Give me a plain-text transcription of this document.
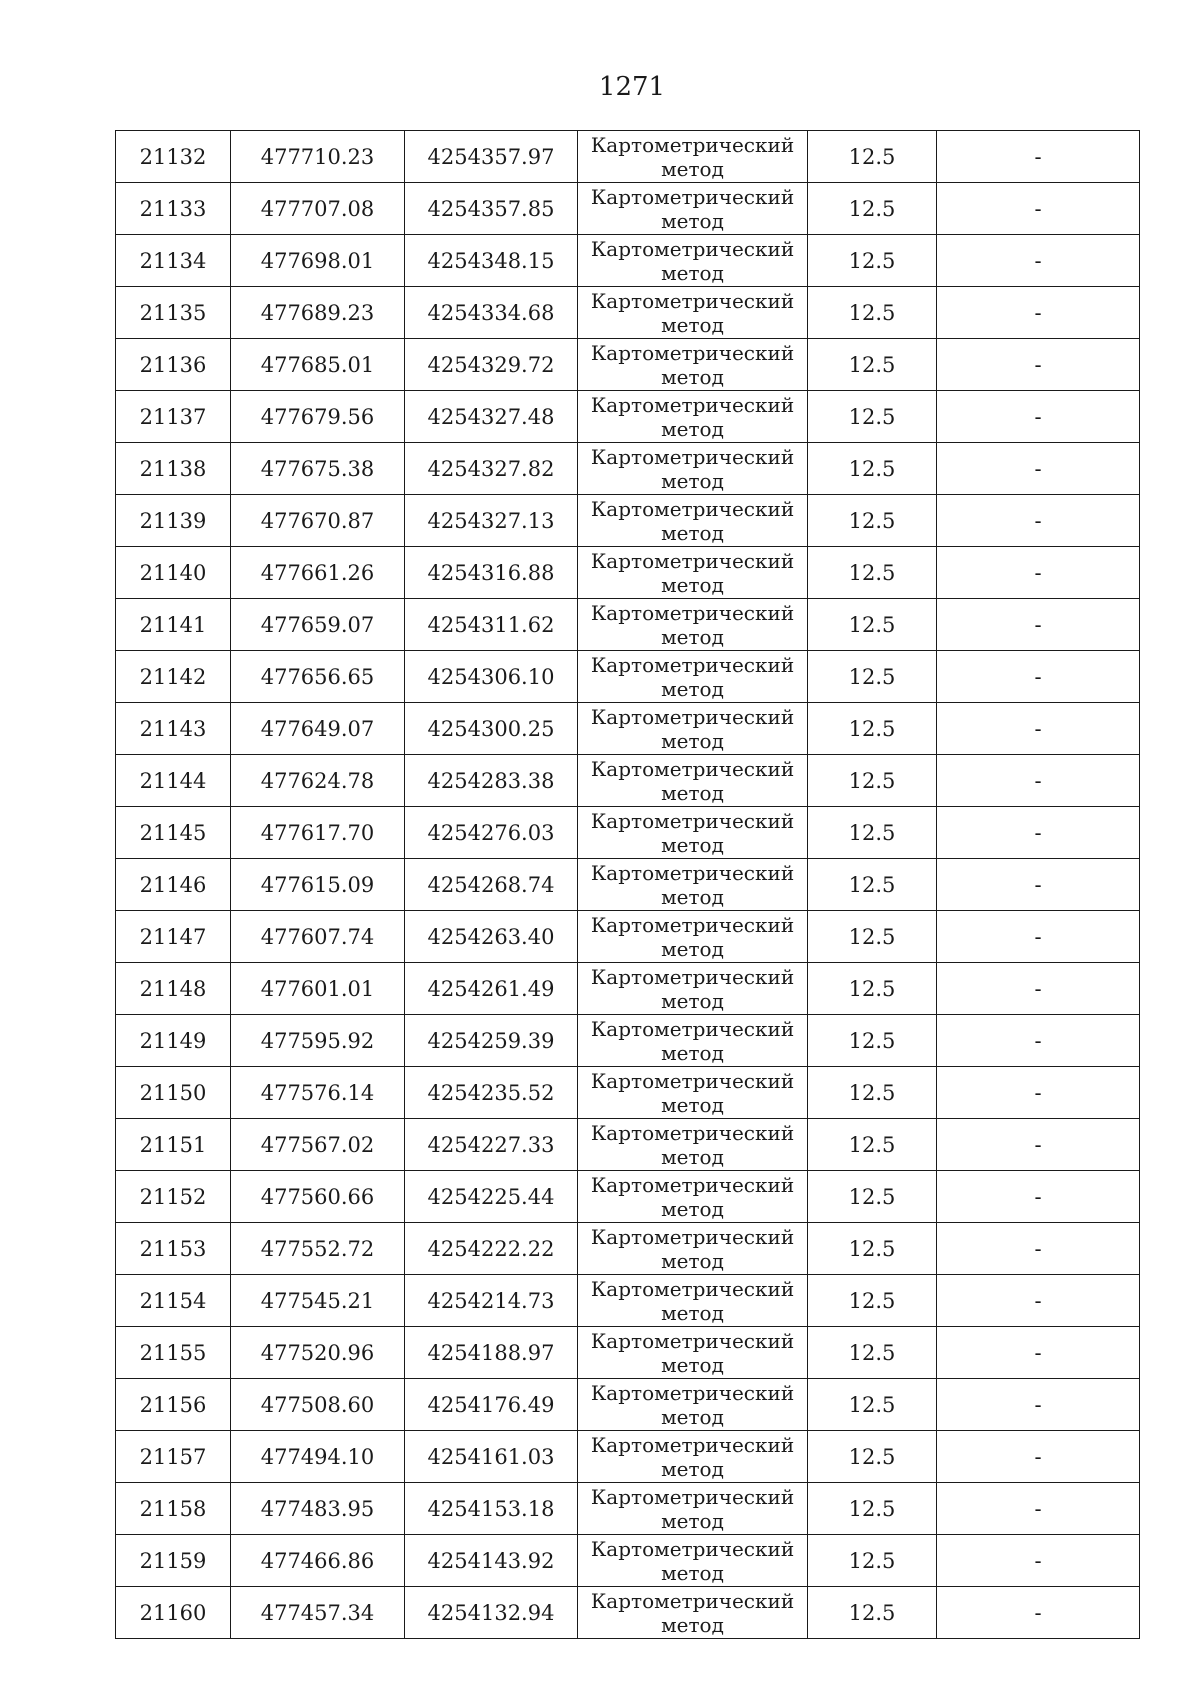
1271
21132	477710.23	4254357.97	Картометрический
метод	12.5	-
21133	477707.08	4254357.85	Картометрический
метод	12.5	-
21134	477698.01	4254348.15	Картометрический
метод	12.5	-
21135	477689.23	4254334.68	Картометрический
метод	12.5	-
21136	477685.01	4254329.72	Картометрический
метод	12.5	-
21137	477679.56	4254327.48	Картометрический
метод	12.5	-
21138	477675.38	4254327.82	Картометрический
метод	12.5	-
21139	477670.87	4254327.13	Картометрический
метод	12.5	-
21140	477661.26	4254316.88	Картометрический
метод	12.5	-
21141	477659.07	4254311.62	Картометрический
метод	12.5	-
21142	477656.65	4254306.10	Картометрический
метод	12.5	-
21143	477649.07	4254300.25	Картометрический
метод	12.5	-
21144	477624.78	4254283.38	Картометрический
метод	12.5	-
21145	477617.70	4254276.03	Картометрический
метод	12.5	-
21146	477615.09	4254268.74	Картометрический
метод	12.5	-
21147	477607.74	4254263.40	Картометрический
метод	12.5	-
21148	477601.01	4254261.49	Картометрический
метод	12.5	-
21149	477595.92	4254259.39	Картометрический
метод	12.5	-
21150	477576.14	4254235.52	Картометрический
метод	12.5	-
21151	477567.02	4254227.33	Картометрический
метод	12.5	-
21152	477560.66	4254225.44	Картометрический
метод	12.5	-
21153	477552.72	4254222.22	Картометрический
метод	12.5	-
21154	477545.21	4254214.73	Картометрический
метод	12.5	-
21155	477520.96	4254188.97	Картометрический
метод	12.5	-
21156	477508.60	4254176.49	Картометрический
метод	12.5	-
21157	477494.10	4254161.03	Картометрический
метод	12.5	-
21158	477483.95	4254153.18	Картометрический
метод	12.5	-
21159	477466.86	4254143.92	Картометрический
метод	12.5	-
21160	477457.34	4254132.94	Картометрический
метод	12.5	-
